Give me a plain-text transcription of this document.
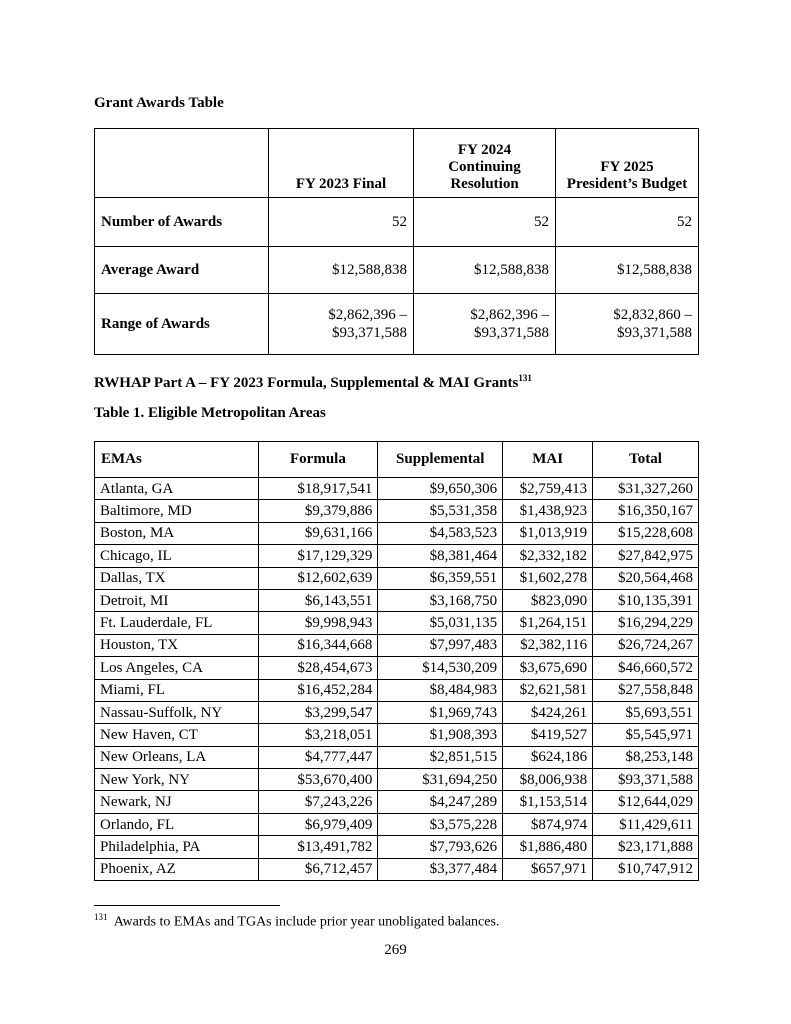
Grant Awards Table
	FY 2023 Final	FY 2024
Continuing
Resolution	FY 2025
President’s Budget
Number of Awards	52	52	52
Average Award	$12,588,838	$12,588,838	$12,588,838
Range of Awards	$2,862,396 –
$93,371,588	$2,862,396 –
$93,371,588	$2,832,860 –
$93,371,588
RWHAP Part A – FY 2023 Formula, Supplemental & MAI Grants$^{131}$
Table 1. Eligible Metropolitan Areas
EMAs	Formula	Supplemental	MAI	Total
Atlanta, GA	$18,917,541	$9,650,306	$2,759,413	$31,327,260
Baltimore, MD	$9,379,886	$5,531,358	$1,438,923	$16,350,167
Boston, MA	$9,631,166	$4,583,523	$1,013,919	$15,228,608
Chicago, IL	$17,129,329	$8,381,464	$2,332,182	$27,842,975
Dallas, TX	$12,602,639	$6,359,551	$1,602,278	$20,564,468
Detroit, MI	$6,143,551	$3,168,750	$823,090	$10,135,391
Ft. Lauderdale, FL	$9,998,943	$5,031,135	$1,264,151	$16,294,229
Houston, TX	$16,344,668	$7,997,483	$2,382,116	$26,724,267
Los Angeles, CA	$28,454,673	$14,530,209	$3,675,690	$46,660,572
Miami, FL	$16,452,284	$8,484,983	$2,621,581	$27,558,848
Nassau-Suffolk, NY	$3,299,547	$1,969,743	$424,261	$5,693,551
New Haven, CT	$3,218,051	$1,908,393	$419,527	$5,545,971
New Orleans, LA	$4,777,447	$2,851,515	$624,186	$8,253,148
New York, NY	$53,670,400	$31,694,250	$8,006,938	$93,371,588
Newark, NJ	$7,243,226	$4,247,289	$1,153,514	$12,644,029
Orlando, FL	$6,979,409	$3,575,228	$874,974	$11,429,611
Philadelphia, PA	$13,491,782	$7,793,626	$1,886,480	$23,171,888
Phoenix, AZ	$6,712,457	$3,377,484	$657,971	$10,747,912
$^{131}$ Awards to EMAs and TGAs include prior year unobligated balances.
269
